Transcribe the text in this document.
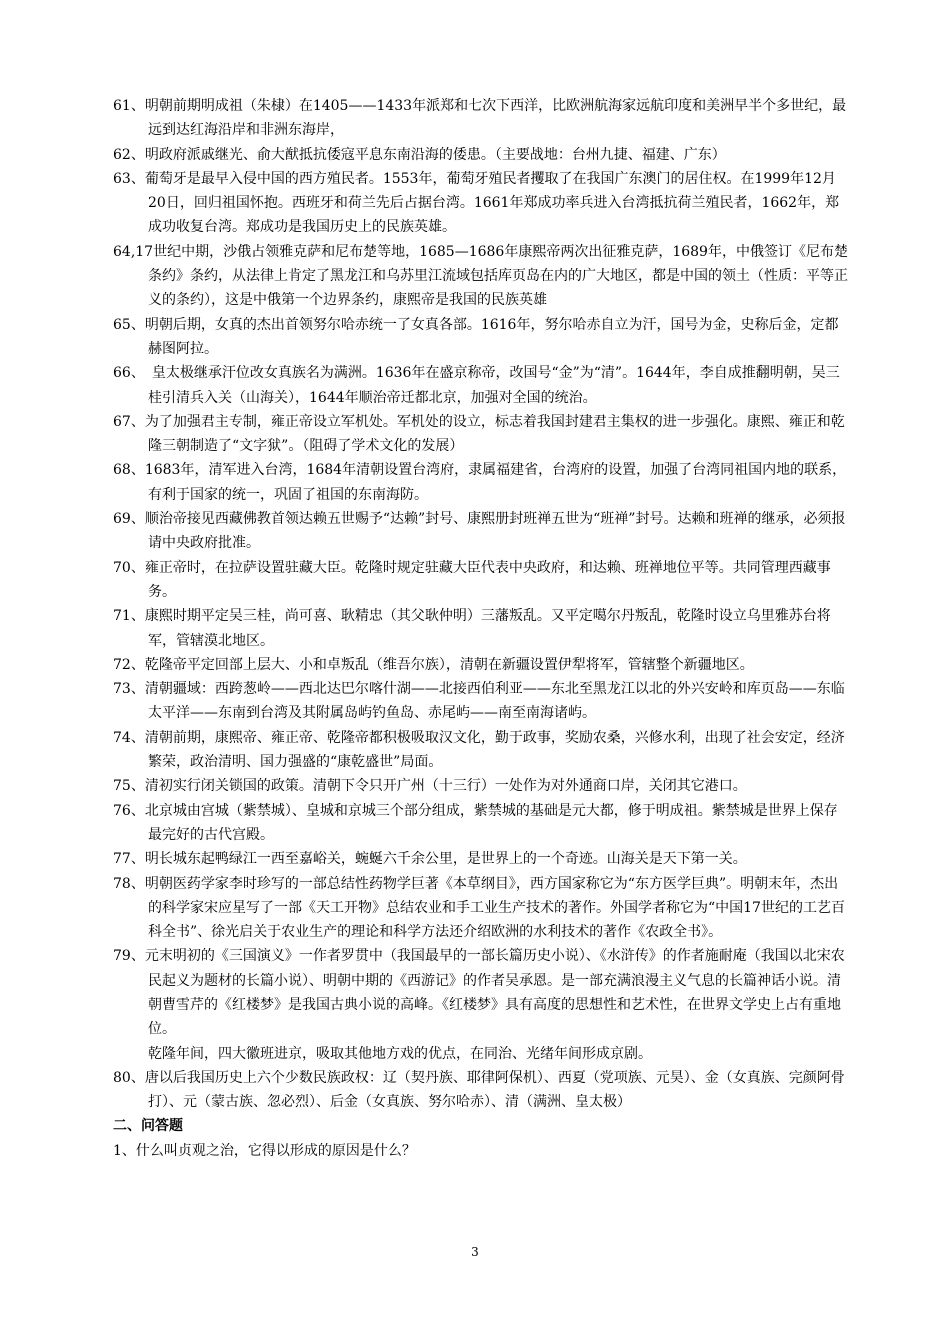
61、明朝前期明成祖（朱棣）在1405——1433年派郑和七次下西洋，比欧洲航海家远航印度和美洲早半个多世纪，最远到达红海沿岸和非洲东海岸，

62、明政府派戚继光、俞大猷抵抗倭寇平息东南沿海的倭患。（主要战地：台州九捷、福建、广东）

63、葡萄牙是最早入侵中国的西方殖民者。1553年，葡萄牙殖民者攫取了在我国广东澳门的居住权。在1999年12月20日，回归祖国怀抱。西班牙和荷兰先后占据台湾。1661年郑成功率兵进入台湾抵抗荷兰殖民者，1662年，郑成功收复台湾。郑成功是我国历史上的民族英雄。

64,17世纪中期，沙俄占领雅克萨和尼布楚等地，1685—1686年康熙帝两次出征雅克萨，1689年，中俄签订《尼布楚条约》条约，从法律上肯定了黑龙江和乌苏里江流域包括库页岛在内的广大地区，都是中国的领土（性质：平等正义的条约），这是中俄第一个边界条约，康熙帝是我国的民族英雄

65、明朝后期，女真的杰出首领努尔哈赤统一了女真各部。1616年，努尔哈赤自立为汗，国号为金，史称后金，定都赫图阿拉。

66、　皇太极继承汗位改女真族名为满洲。1636年在盛京称帝，改国号“金”为“清”。1644年，李自成推翻明朝，吴三桂引清兵入关（山海关），1644年顺治帝迁都北京，加强对全国的统治。

67、为了加强君主专制，雍正帝设立军机处。军机处的设立，标志着我国封建君主集权的进一步强化。康熙、雍正和乾隆三朝制造了“文字狱”。（阻碍了学术文化的发展）

68、1683年，清军进入台湾，1684年清朝设置台湾府，隶属福建省，台湾府的设置，加强了台湾同祖国内地的联系，有利于国家的统一，巩固了祖国的东南海防。

69、顺治帝接见西藏佛教首领达赖五世赐予“达赖”封号、康熙册封班禅五世为“班禅”封号。达赖和班禅的继承，必须报请中央政府批准。

70、雍正帝时，在拉萨设置驻藏大臣。乾隆时规定驻藏大臣代表中央政府，和达赖、班禅地位平等。共同管理西藏事务。

71、康熙时期平定吴三桂，尚可喜、耿精忠（其父耿仲明）三藩叛乱。又平定噶尔丹叛乱，乾隆时设立乌里雅苏台将军，管辖漠北地区。

72、乾隆帝平定回部上层大、小和卓叛乱（维吾尔族），清朝在新疆设置伊犁将军，管辖整个新疆地区。

73、清朝疆域：西跨葱岭——西北达巴尔喀什湖——北接西伯利亚——东北至黑龙江以北的外兴安岭和库页岛——东临太平洋——东南到台湾及其附属岛屿钓鱼岛、赤尾屿——南至南海诸屿。

74、清朝前期，康熙帝、雍正帝、乾隆帝都积极吸取汉文化，勤于政事，奖励农桑，兴修水利，出现了社会安定，经济繁荣，政治清明、国力强盛的“康乾盛世”局面。

75、清初实行闭关锁国的政策。清朝下令只开广州（十三行）一处作为对外通商口岸，关闭其它港口。

76、北京城由宫城（紫禁城）、皇城和京城三个部分组成，紫禁城的基础是元大都，修于明成祖。紫禁城是世界上保存最完好的古代宫殿。

77、明长城东起鸭绿江一西至嘉峪关，蜿蜒六千余公里，是世界上的一个奇迹。山海关是天下第一关。

78、明朝医药学家李时珍写的一部总结性药物学巨著《本草纲目》，西方国家称它为“东方医学巨典”。明朝末年，杰出的科学家宋应星写了一部《天工开物》总结农业和手工业生产技术的著作。外国学者称它为“中国17世纪的工艺百科全书”、徐光启关于农业生产的理论和科学方法还介绍欧洲的水利技术的著作《农政全书》。

79、元末明初的《三国演义》一作者罗贯中（我国最早的一部长篇历史小说）、《水浒传》的作者施耐庵（我国以北宋农民起义为题材的长篇小说）、明朝中期的《西游记》的作者吴承恩。是一部充满浪漫主义气息的长篇神话小说。清朝曹雪芹的《红楼梦》是我国古典小说的高峰。《红楼梦》具有高度的思想性和艺术性，在世界文学史上占有重地位。

乾隆年间，四大徽班进京，吸取其他地方戏的优点，在同治、光绪年间形成京剧。

80、唐以后我国历史上六个少数民族政权：辽（契丹族、耶律阿保机）、西夏（党项族、元昊）、金（女真族、完颜阿骨打）、元（蒙古族、忽必烈）、后金（女真族、努尔哈赤）、清（满洲、皇太极）

二、问答题

1、什么叫贞观之治，它得以形成的原因是什么？

3
